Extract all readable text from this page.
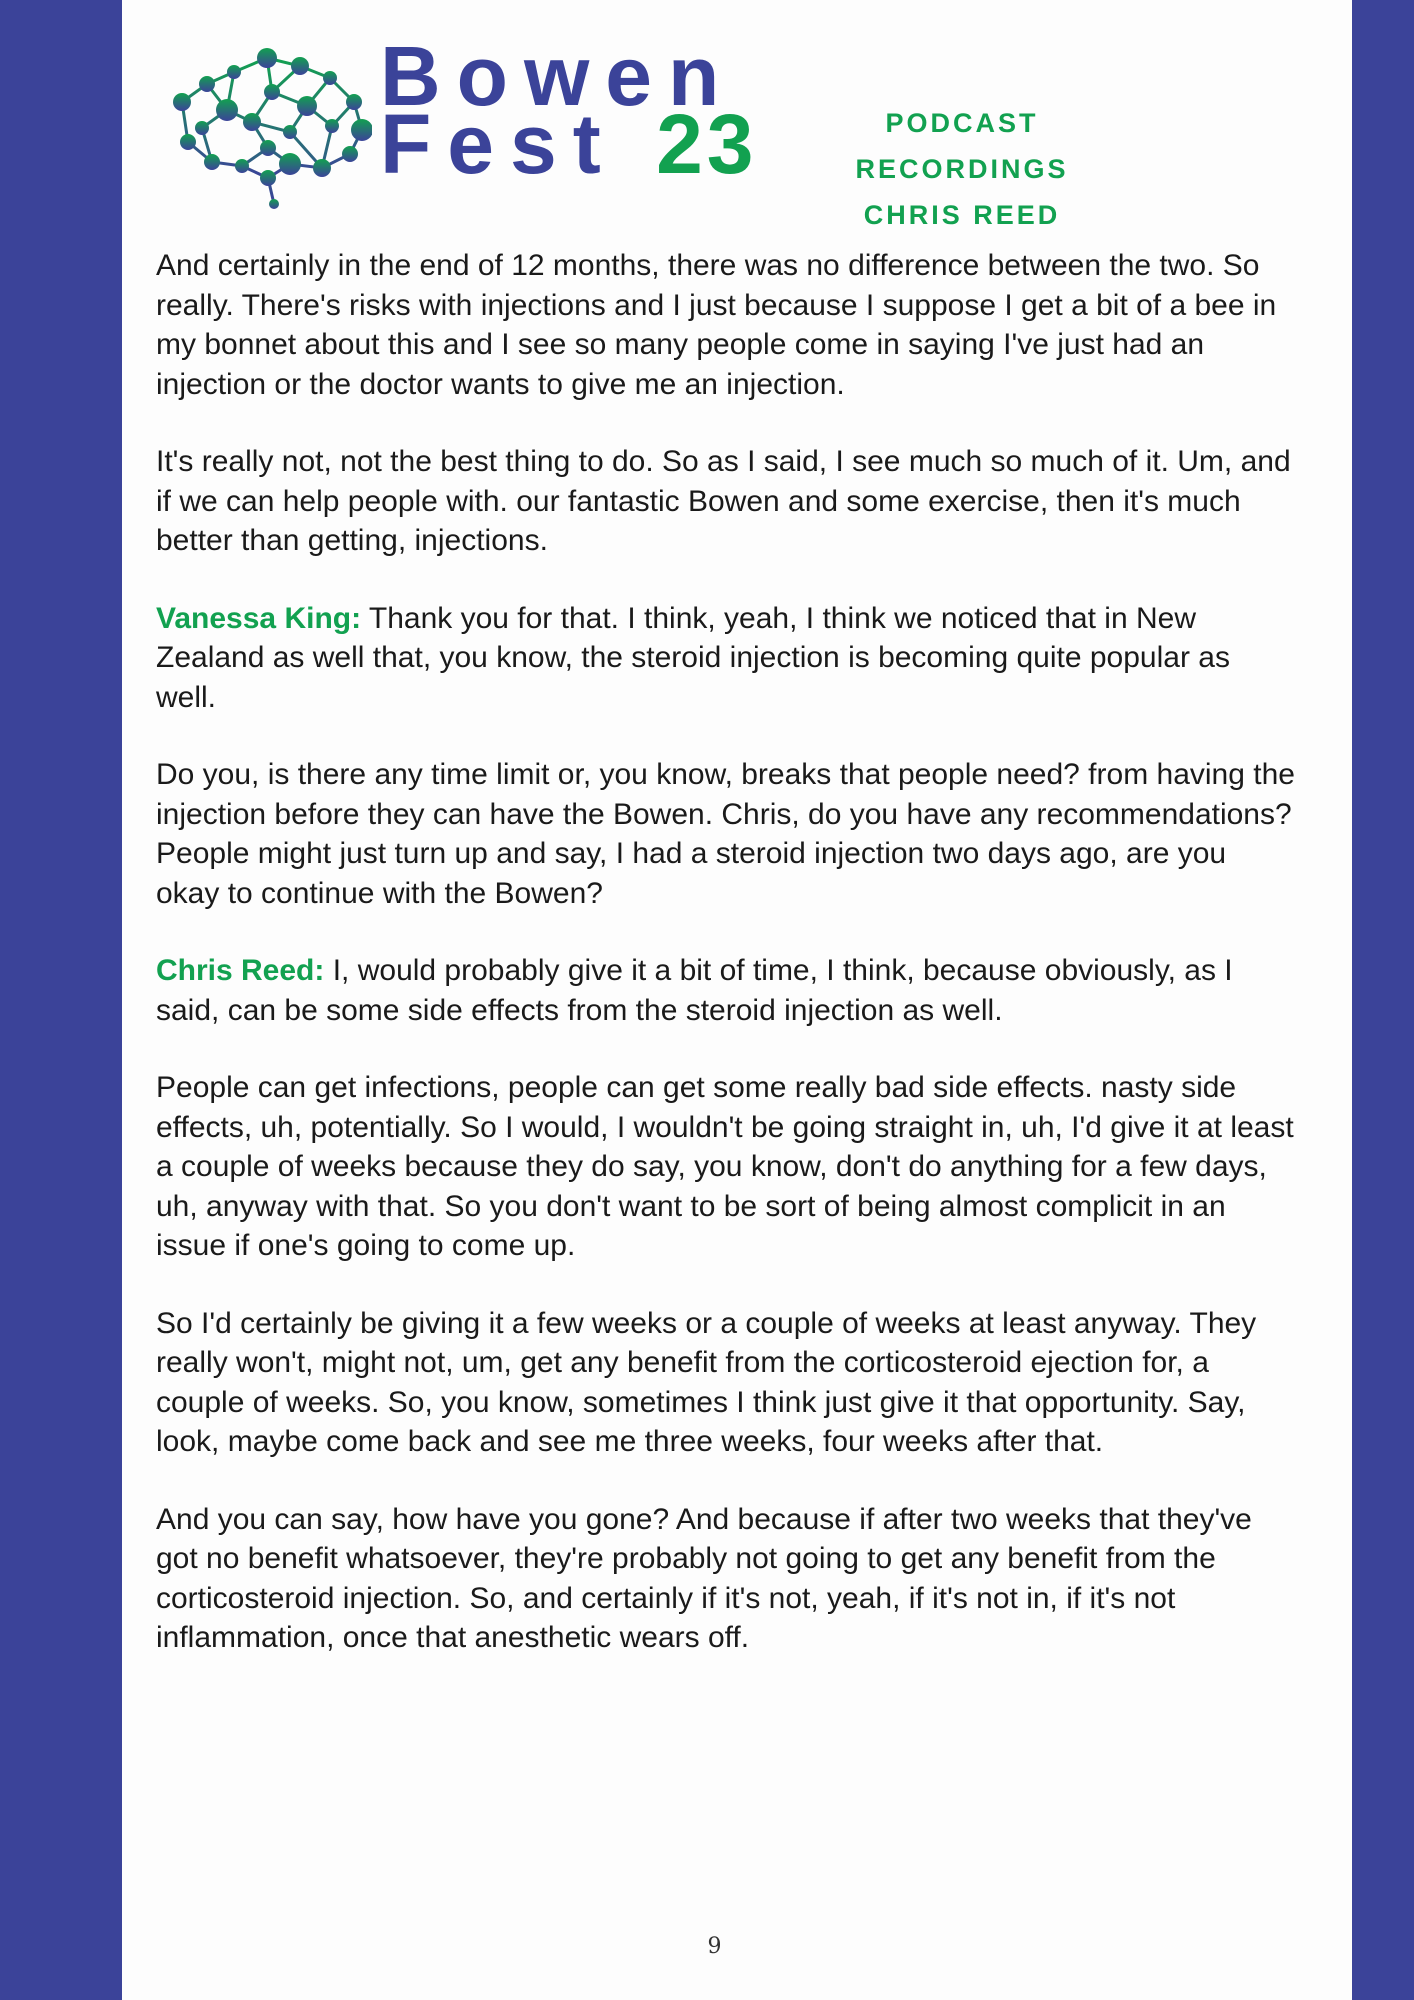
Bowen
Fest 23	PODCAST RECORDINGS
CHRIS REED

And certainly in the end of 12 months, there was no difference between the two. So really. There's risks with injections and I just because I suppose I get a bit of a bee in my bonnet about this and I see so many people come in saying I've just had an injection or the doctor wants to give me an injection.

It's really not, not the best thing to do. So as I said, I see much so much of it. Um, and if we can help people with. our fantastic Bowen and some exercise, then it's much better than getting, injections.

Vanessa King: Thank you for that. I think, yeah, I think we noticed that in New Zealand as well that, you know, the steroid injection is becoming quite popular as well.

Do you, is there any time limit or, you know, breaks that people need? from having the injection before they can have the Bowen. Chris, do you have any recommendations? People might just turn up and say, I had a steroid injection two days ago, are you okay to continue with the Bowen?

Chris Reed: I, would probably give it a bit of time, I think, because obviously, as I said, can be some side effects from the steroid injection as well.

People can get infections, people can get some really bad side effects. nasty side effects, uh, potentially. So I would, I wouldn't be going straight in, uh, I'd give it at least a couple of weeks because they do say, you know, don't do anything for a few days, uh, anyway with that. So you don't want to be sort of being almost complicit in an issue if one's going to come up.

So I'd certainly be giving it a few weeks or a couple of weeks at least anyway. They really won't, might not, um, get any benefit from the corticosteroid ejection for, a couple of weeks. So, you know, sometimes I think just give it that opportunity. Say, look, maybe come back and see me three weeks, four weeks after that.

And you can say, how have you gone? And because if after two weeks that they've got no benefit whatsoever, they're probably not going to get any benefit from the corticosteroid injection. So, and certainly if it's not, yeah, if it's not in, if it's not inflammation, once that anesthetic wears off.

9
